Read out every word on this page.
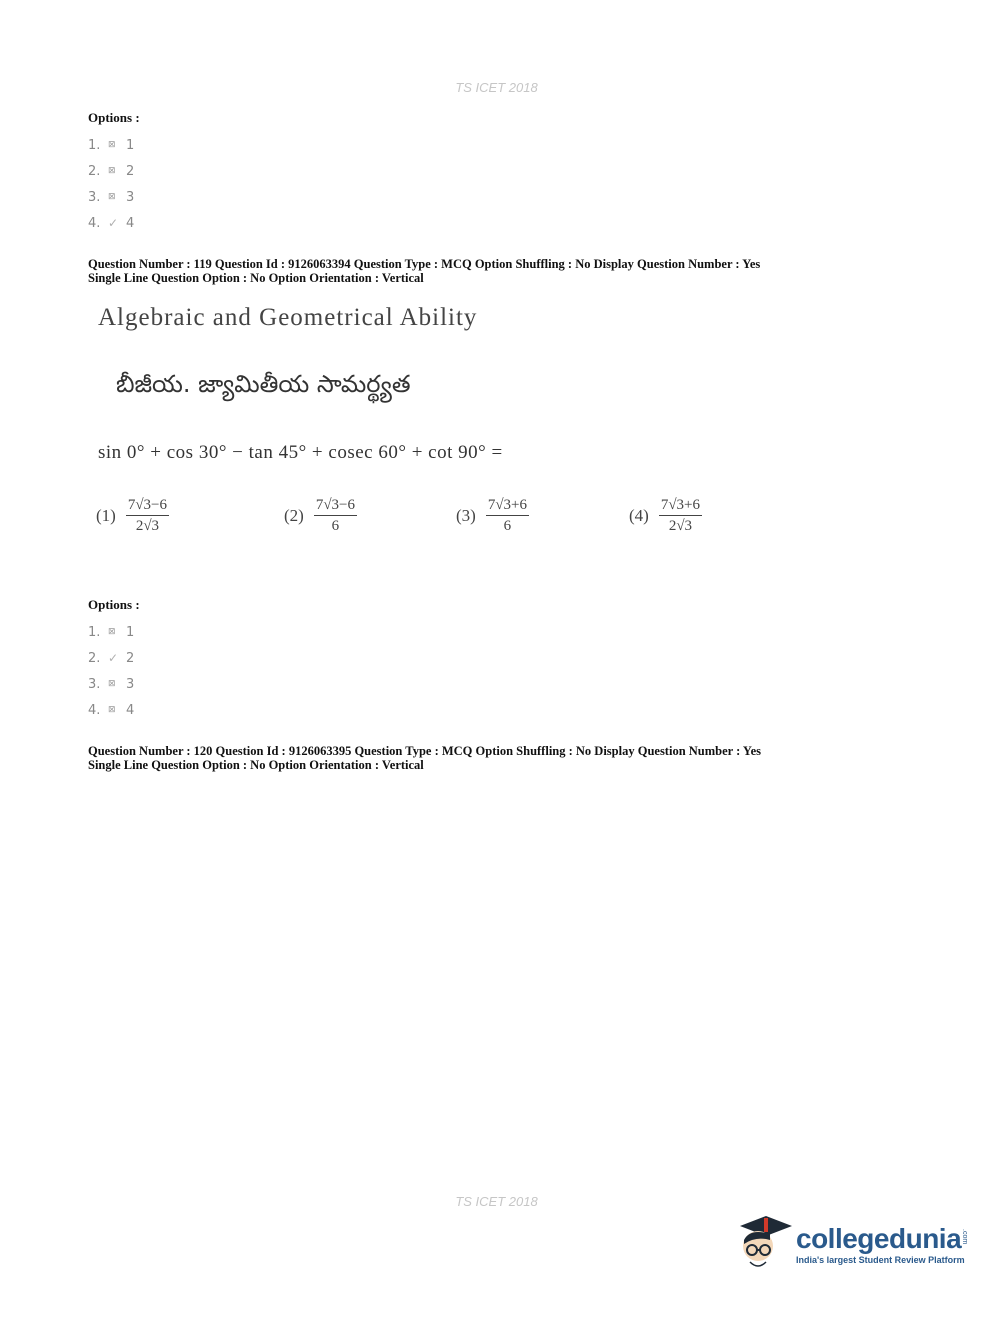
TS ICET 2018
Options :
1. ⊠ 1
2. ⊠ 2
3. ⊠ 3
4. ✓ 4
Question Number : 119 Question Id : 9126063394 Question Type : MCQ Option Shuffling : No Display Question Number : Yes
Single Line Question Option : No Option Orientation : Vertical
Algebraic and Geometrical Ability
బీజీయ. జ్యామితీయ సామర్థ్యత
sin 0° + cos 30° − tan 45° + cosec 60° + cot 90° =
$(1) \frac{7√3-6}{2√3}$	$(2) \frac{7√3-6}{6}$	$(3) \frac{7√3+6}{6}$	$(4) \frac{7√3+6}{2√3}$
Options :
1. ⊠ 1
2. ✓ 2
3. ⊠ 3
4. ⊠ 4
Question Number : 120 Question Id : 9126063395 Question Type : MCQ Option Shuffling : No Display Question Number : Yes
Single Line Question Option : No Option Orientation : Vertical
TS ICET 2018
collegedunia .com
India's largest Student Review Platform
